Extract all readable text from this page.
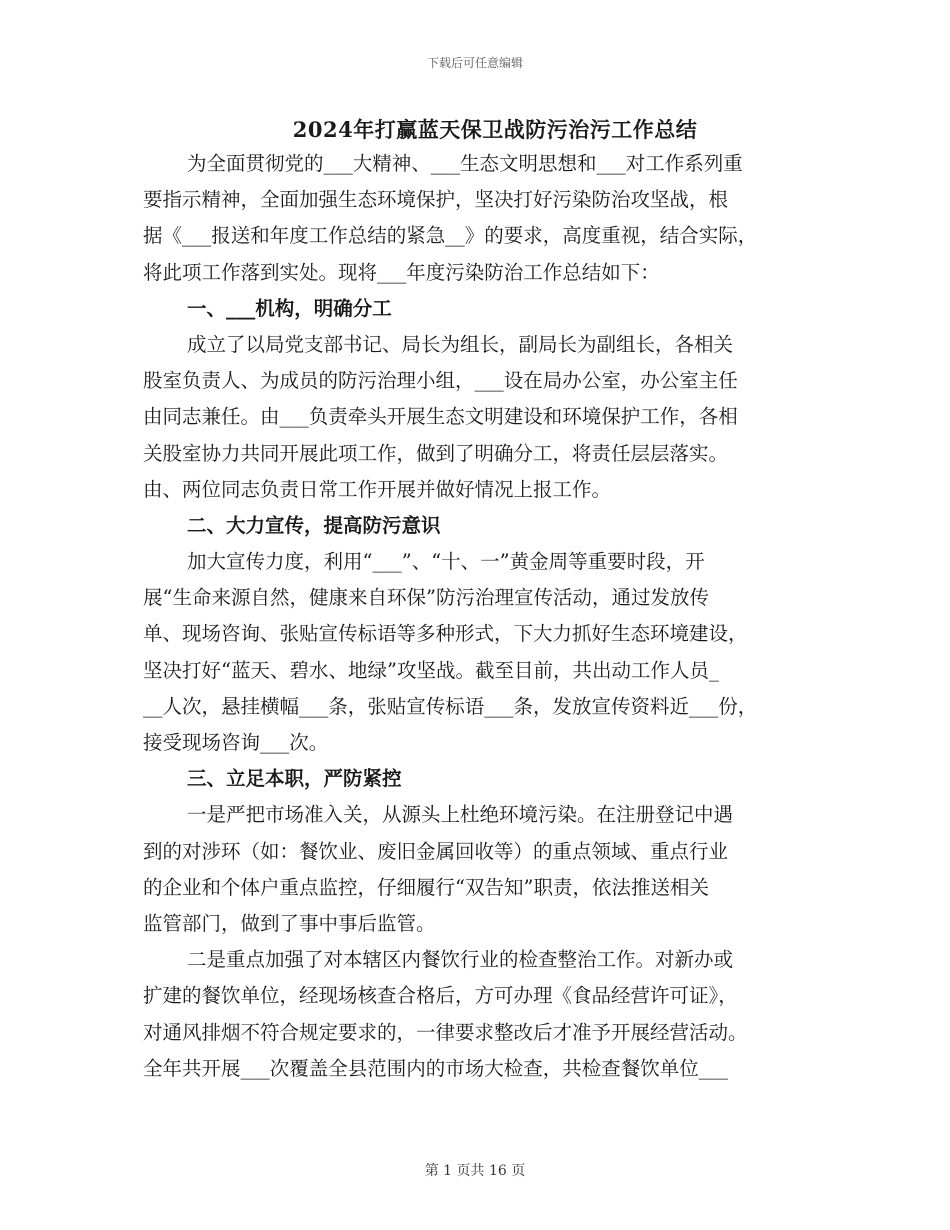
下载后可任意编辑
2024年打赢蓝天保卫战防污治污工作总结
为全面贯彻党的___大精神、___生态文明思想和___对工作系列重
要指示精神，全面加强生态环境保护，坚决打好污染防治攻坚战，根
据《___报送和年度工作总结的紧急__》的要求，高度重视，结合实际，
将此项工作落到实处。现将___年度污染防治工作总结如下：
一、___机构，明确分工
成立了以局党支部书记、局长为组长，副局长为副组长，各相关
股室负责人、为成员的防污治理小组，___设在局办公室，办公室主任
由同志兼任。由___负责牵头开展生态文明建设和环境保护工作，各相
关股室协力共同开展此项工作，做到了明确分工，将责任层层落实。
由、两位同志负责日常工作开展并做好情况上报工作。
二、大力宣传，提高防污意识
加大宣传力度，利用“___”、“十、一”黄金周等重要时段，开
展“生命来源自然，健康来自环保”防污治理宣传活动，通过发放传
单、现场咨询、张贴宣传标语等多种形式，下大力抓好生态环境建设，
坚决打好“蓝天、碧水、地绿”攻坚战。截至目前，共出动工作人员_
__人次，悬挂横幅___条，张贴宣传标语___条，发放宣传资料近___份，
接受现场咨询___次。
三、立足本职，严防紧控
一是严把市场准入关，从源头上杜绝环境污染。在注册登记中遇
到的对涉环（如：餐饮业、废旧金属回收等）的重点领域、重点行业
的企业和个体户重点监控，仔细履行“双告知”职责，依法推送相关
监管部门，做到了事中事后监管。
二是重点加强了对本辖区内餐饮行业的检查整治工作。对新办或
扩建的餐饮单位，经现场核查合格后，方可办理《食品经营许可证》，
对通风排烟不符合规定要求的，一律要求整改后才准予开展经营活动。
全年共开展___次覆盖全县范围内的市场大检查，共检查餐饮单位___
第 1 页共 16 页
